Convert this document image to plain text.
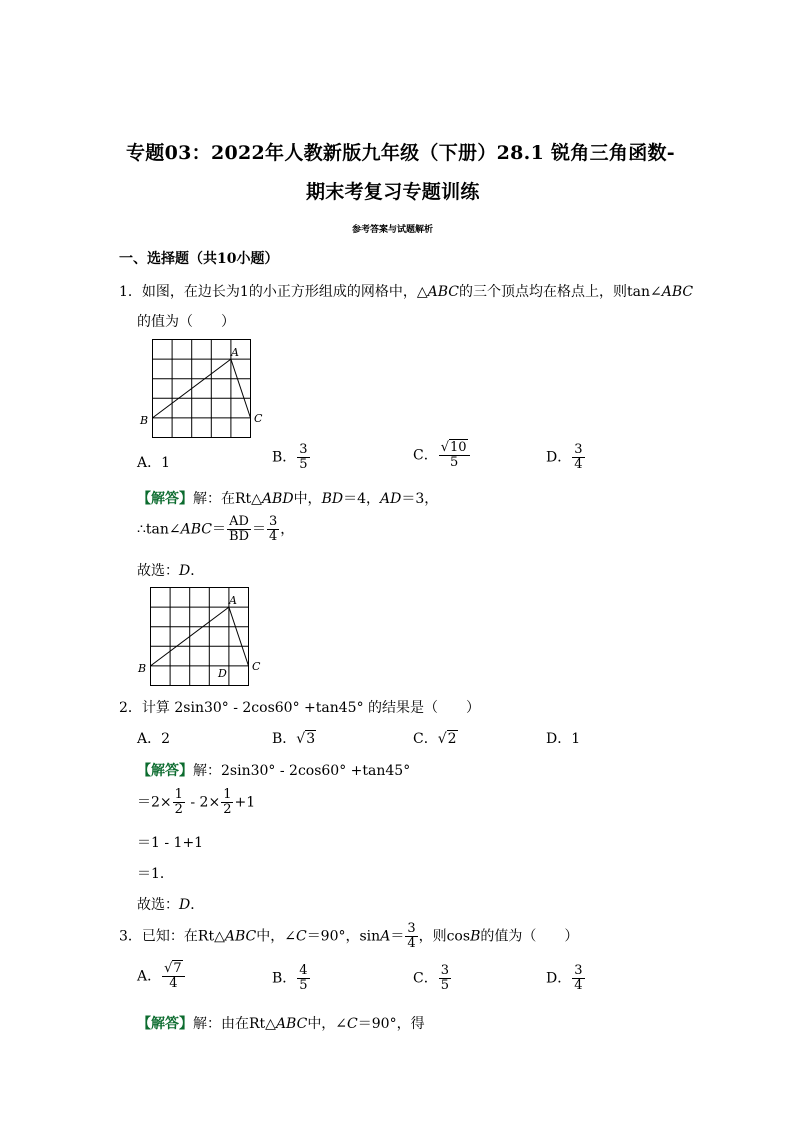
专题03：2022年人教新版九年级（下册）28.1 锐角三角函数-
期末考复习专题训练
参考答案与试题解析
一、选择题（共10小题）
1．如图，在边长为1的小正方形组成的网格中，△ABC的三个顶点均在格点上，则tan∠ABC
的值为（　　）
A
B	C
A．1	B． $\frac{3}{5}$	C． $\frac{√10}{5}$	D． $\frac{3}{4}$
【解答】解：在Rt△ABD中，BD＝4，AD＝3，
∴tan∠ABC＝ $\frac{AD}{BD} = \frac{3}{4}$ ，
故选：D．
A
B	C
D
2．计算 2sin30° - 2cos60° +tan45° 的结果是（　　）
A．2	B．√3	C．√2	D．1
【解答】解：2sin30° - 2cos60° +tan45°
$=2\times \frac{1}{2} - 2\times \frac{1}{2} +1$
＝1 - 1+1
＝1．
故选：D．
3．已知：在Rt△ABC中，∠C＝90°，$\sin A= \frac{3}{4}$ ，则cosB的值为（　　）
A． $\frac{√7}{4}$	B． $\frac{4}{5}$	C． $\frac{3}{5}$	D． $\frac{3}{4}$
【解答】解：由在Rt△ABC中，∠C＝90°，得
